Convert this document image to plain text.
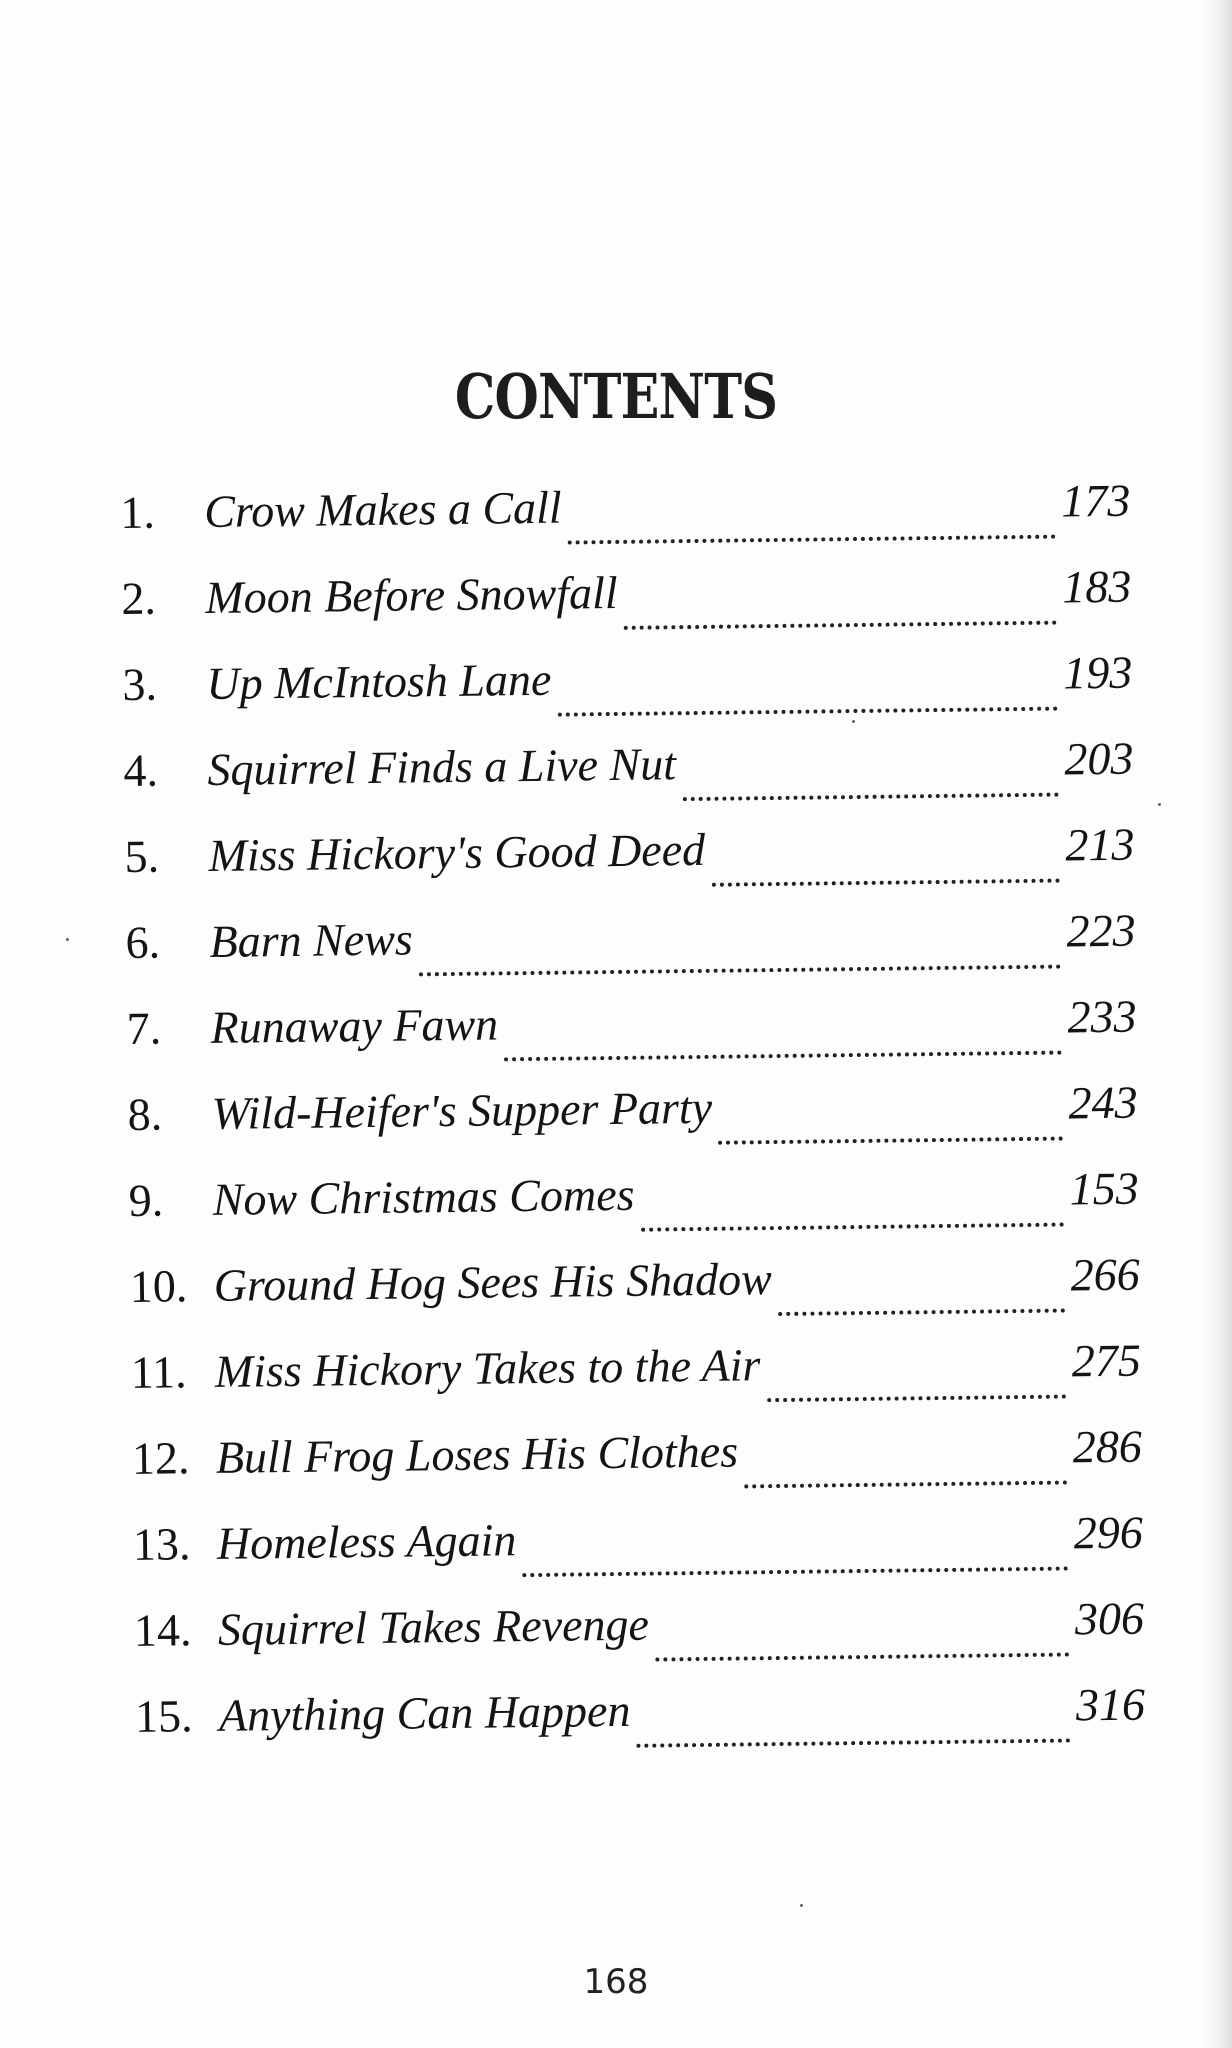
CONTENTS
1.	Crow Makes a Call	173
2.	Moon Before Snowfall	183
3.	Up McIntosh Lane	193
4.	Squirrel Finds a Live Nut	203
5.	Miss Hickory's Good Deed	213
6.	Barn News	223
7.	Runaway Fawn	233
8.	Wild-Heifer's Supper Party	243
9.	Now Christmas Comes	153
10. Ground Hog Sees His Shadow	266
11. Miss Hickory Takes to the Air	275
12. Bull Frog Loses His Clothes	286
13. Homeless Again	296
14. Squirrel Takes Revenge	306
15. Anything Can Happen	316
168
